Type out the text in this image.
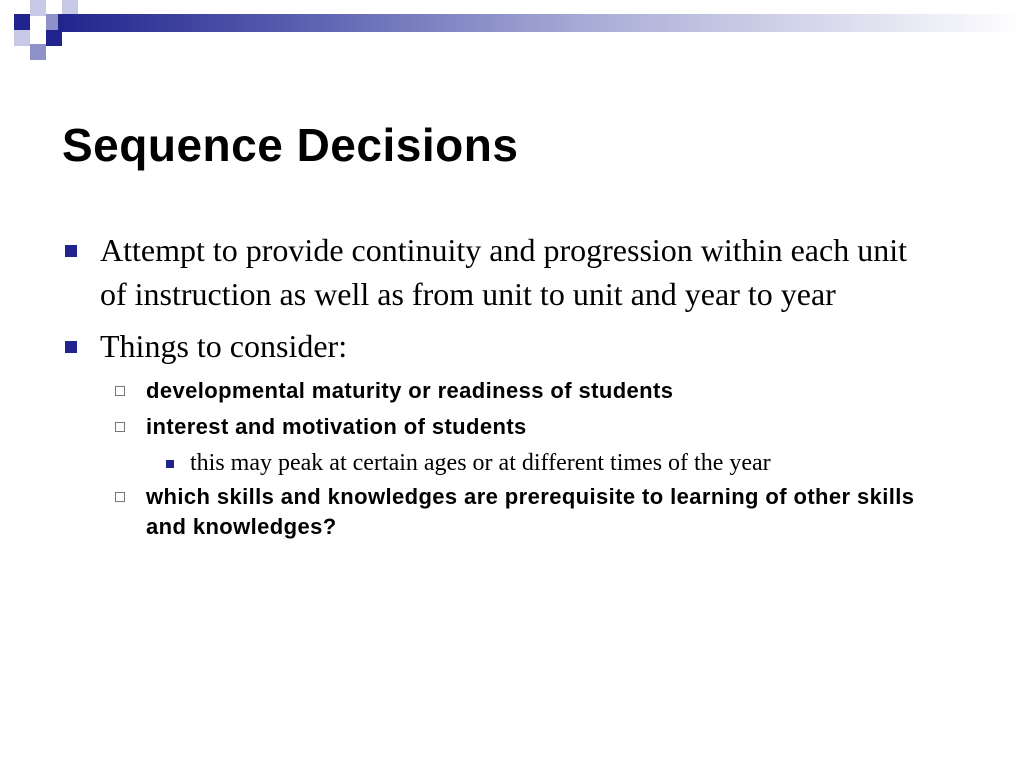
Sequence Decisions
Attempt to provide continuity and progression within each unit of instruction as well as from unit to unit and year to year
Things to consider:
developmental maturity or readiness of students
interest and motivation of students
this may peak at certain ages or at different times of the year
which skills and knowledges are prerequisite to learning of other skills and knowledges?
